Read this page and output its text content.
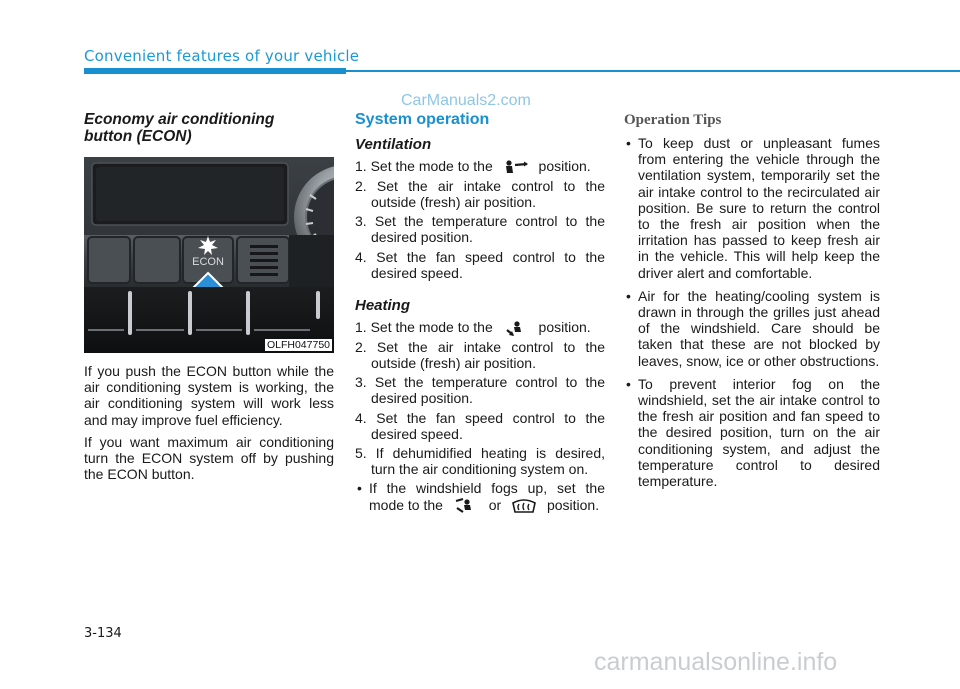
Convenient features of your vehicle
CarManuals2.com
Economy air conditioning
button (ECON)
ECON
OLFH047750
If you push the ECON button while the air conditioning system is working, the air conditioning system will work less and may improve fuel efficiency.
If you want maximum air conditioning turn the ECON system off by pushing the ECON button.
System operation
Ventilation
1. Set the mode to the	position.
2. Set the air intake control to the outside (fresh) air position.
3. Set the temperature control to the desired position.
4. Set the fan speed control to the desired speed.
Heating
1. Set the mode to the	position.
2. Set the air intake control to the outside (fresh) air position.
3. Set the temperature control to the desired position.
4. Set the fan speed control to the desired speed.
5. If dehumidified heating is desired, turn the air conditioning system on.
• If the windshield fogs up, set the mode to the	or	position.
Operation Tips
• To keep dust or unpleasant fumes from entering the vehicle through the ventilation system, temporarily set the air intake control to the recirculated air position. Be sure to return the control to the fresh air position when the irritation has passed to keep fresh air in the vehicle. This will help keep the driver alert and comfortable.
• Air for the heating/cooling system is drawn in through the grilles just ahead of the windshield. Care should be taken that these are not blocked by leaves, snow, ice or other obstructions.
• To prevent interior fog on the windshield, set the air intake control to the fresh air position and fan speed to the desired position, turn on the air conditioning system, and adjust the temperature control to desired temperature.
3-134
carmanualsonline.info
